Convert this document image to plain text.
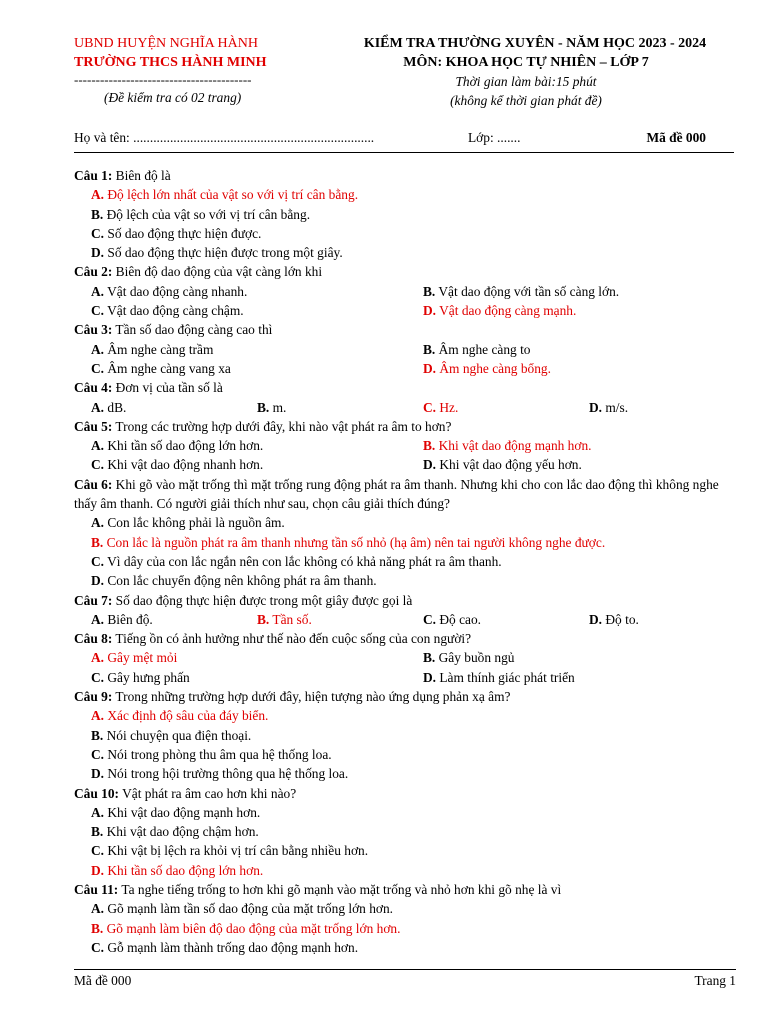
UBND HUYỆN NGHĨA HÀNH
TRƯỜNG THCS HÀNH MINH
-----------------------------------------
(Đề kiểm tra có 02 trang)
KIỂM TRA THƯỜNG XUYÊN - NĂM HỌC 2023 - 2024
MÔN: KHOA HỌC TỰ NHIÊN – LỚP 7
Thời gian làm bài:15 phút
(không kể thời gian phát đề)
Họ và tên: ........................................................................	Lớp: .......	Mã đề 000
Câu 1: Biên độ là
A. Độ lệch lớn nhất của vật so với vị trí cân bằng.
B. Độ lệch của vật so với vị trí cân bằng.
C. Số dao động thực hiện được.
D. Số dao động thực hiện được trong một giây.
Câu 2: Biên độ dao động của vật càng lớn khi
A. Vật dao động càng nhanh.	B. Vật dao động với tần số càng lớn.
C. Vật dao động càng chậm.	D. Vật dao động càng mạnh.
Câu 3: Tần số dao động càng cao thì
A. Âm nghe càng trầm	B. Âm nghe càng to
C. Âm nghe càng vang xa	D. Âm nghe càng bổng.
Câu 4: Đơn vị của tần số là
A. dB.	B. m.	C. Hz.	D. m/s.
Câu 5: Trong các trường hợp dưới đây, khi nào vật phát ra âm to hơn?
A. Khi tần số dao động lớn hơn.	B. Khi vật dao động mạnh hơn.
C. Khi vật dao động nhanh hơn.	D. Khi vật dao động yếu hơn.
Câu 6: Khi gõ vào mặt trống thì mặt trống rung động phát ra âm thanh. Nhưng khi cho con lắc dao động thì không nghe thấy âm thanh. Có người giải thích như sau, chọn câu giải thích đúng?
A. Con lắc không phải là nguồn âm.
B. Con lắc là nguồn phát ra âm thanh nhưng tần số nhỏ (hạ âm) nên tai người không nghe được.
C. Vì dây của con lắc ngắn nên con lắc không có khả năng phát ra âm thanh.
D. Con lắc chuyển động nên không phát ra âm thanh.
Câu 7: Số dao động thực hiện được trong một giây được gọi là
A. Biên độ.	B. Tần số.	C. Độ cao.	D. Độ to.
Câu 8: Tiếng ồn có ảnh hưởng như thế nào đến cuộc sống của con người?
A. Gây mệt mỏi	B. Gây buồn ngủ
C. Gây hưng phấn	D. Làm thính giác phát triển
Câu 9: Trong những trường hợp dưới đây, hiện tượng nào ứng dụng phản xạ âm?
A. Xác định độ sâu của đáy biển.
B. Nói chuyện qua điện thoại.
C. Nói trong phòng thu âm qua hệ thống loa.
D. Nói trong hội trường thông qua hệ thống loa.
Câu 10: Vật phát ra âm cao hơn khi nào?
A. Khi vật dao động mạnh hơn.
B. Khi vật dao động chậm hơn.
C. Khi vật bị lệch ra khỏi vị trí cân bằng nhiều hơn.
D. Khi tần số dao động lớn hơn.
Câu 11: Ta nghe tiếng trống to hơn khi gõ mạnh vào mặt trống và nhỏ hơn khi gõ nhẹ là vì
A. Gõ mạnh làm tần số dao động của mặt trống lớn hơn.
B. Gõ mạnh làm biên độ dao động của mặt trống lớn hơn.
C. Gỗ mạnh làm thành trống dao động mạnh hơn.
Mã đề 000	Trang 1
